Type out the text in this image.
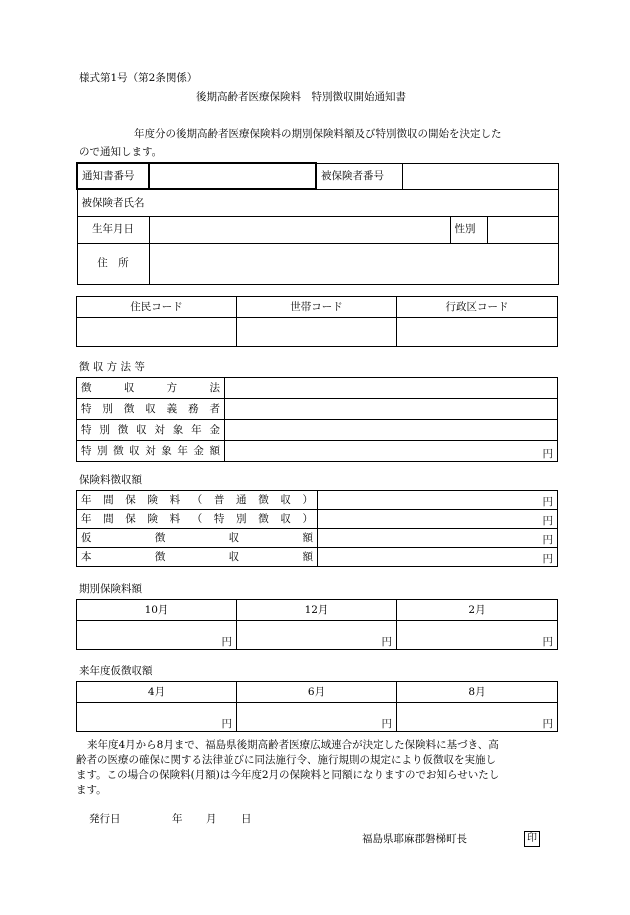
様式第1号（第2条関係）
後期高齢者医療保険料　特別徴収開始通知書
年度分の後期高齢者医療保険料の期別保険料額及び特別徴収の開始を決定した
ので通知します。
通知書番号		被保険者番号			
被保険者氏名					
生年月日				性別	
住　所					
住民コード	世帯コード	行政区コード

徴 収 方 法 等
徴収方法	
特別徴収義務者	
特別徴収対象年金	
特別徴収対象年金額	円
保険料徴収額
年間保険料（普通徴収）	円
年間保険料（特別徴収）	円
仮徴収額	円
本徴収額	円
期別保険料額
10月	12月	2月
円	円	円
来年度仮徴収額
4月	6月	8月
円	円	円
来年度4月から8月まで、福島県後期高齢者医療広域連合が決定した保険料に基づき、高
齢者の医療の確保に関する法律並びに同法施行令、施行規則の規定により仮徴収を実施し
ます。この場合の保険料(月額)は今年度2月の保険料と同額になりますのでお知らせいたし
ます。
発行日	年 月 日
福島県耶麻郡磐梯町長	印
